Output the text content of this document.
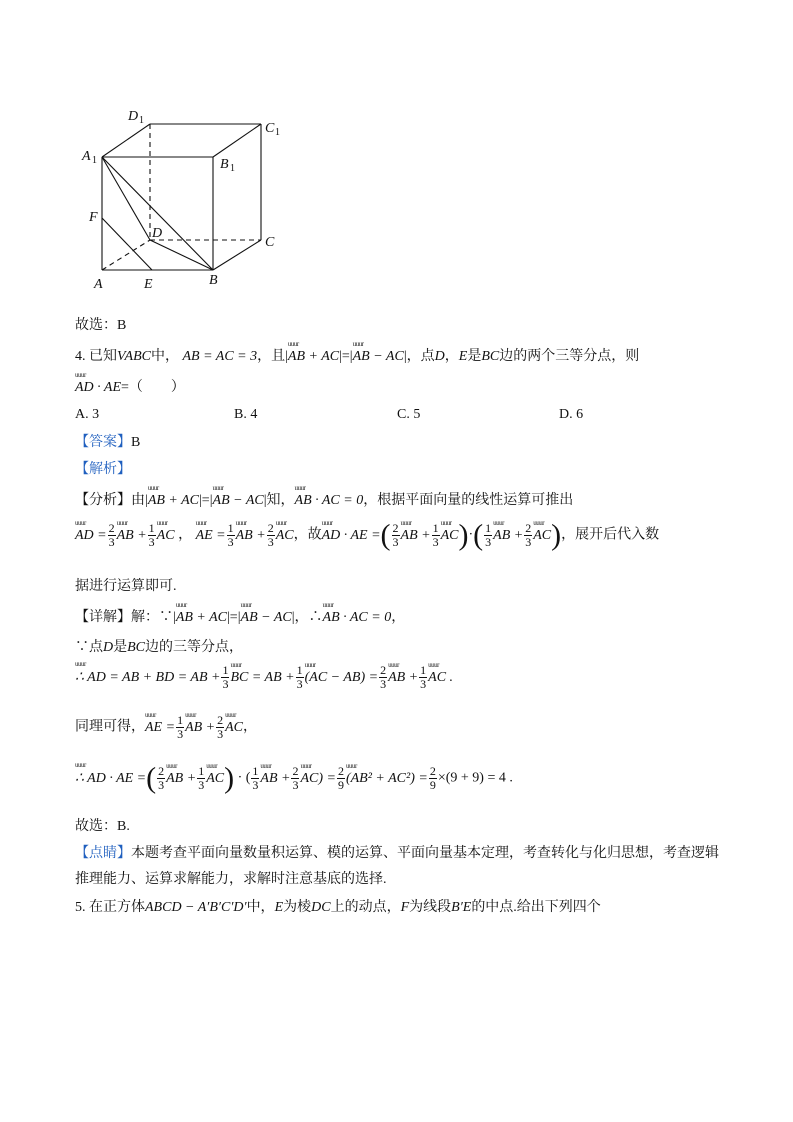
D 1
C 1
A 1	B 1
F
D
C
A	E	B
故选：B
4. 已知VABC中， AB = AC = 3，且|uuur AB + AC|=|uuur AB − AC|，点D，E是BC边的两个三等分点，则
uuur AD · AE=（　　）
A. 3	B. 4	C. 5	D. 6
【答案】B
【解析】
【分析】由|uuur AB + AC|=|uuur AB − AC|知，uuur AB · AC = 0，根据平面向量的线性运算可推出
uuur AD = $\frac{2}{3}$ uuur AB + $\frac{1}{3}$ uuur AC ， uuur AE = $\frac{1}{3}$ uuur AB + $\frac{2}{3}$ uuur AC，故uuur AD · AE =( $\frac{2}{3}$ uuur AB + $\frac{1}{3}$ uuur $AC)\cdot( \frac{1}{3}$ uuur AB + $\frac{2}{3}$ uuur AC)，展开后代入数
据进行运算即可.
【详解】解：∵|uuur AB + AC|=|uuur AB − AC|，∴uuur AB · AC = 0，
∵点D是BC边的三等分点，
uuur ∴ AD = AB + BD = AB + $\frac{1}{3}$ uuur BC = AB + $\frac{1}{3}$ uuur $(AC - AB) = \frac{2}{3}$ uuur AB + $\frac{1}{3}$ uuur AC .
同理可得，uuur AE = $\frac{1}{3}$ uuur AB + $\frac{2}{3}$ uuur AC，
uuur ∴ AD · AE =( $\frac{2}{3}$ uuur AB + $\frac{1}{3}$ uuur AC) · ( $\frac{1}{3}$ uuur AB + $\frac{2}{3}$ uuur $AC) = \frac{2}{9}$ uuur $(AB^2 + AC^2) = \frac{2}{9} \times(9 + 9) = 4$ .
故选：B.
【点睛】本题考查平面向量数量积运算、模的运算、平面向量基本定理，考查转化与化归思想，考查逻辑
推理能力、运算求解能力，求解时注意基底的选择.
5. 在正方体ABCD − A′B′C′D′中，E为棱DC上的动点，F为线段B′E的中点.给出下列四个
